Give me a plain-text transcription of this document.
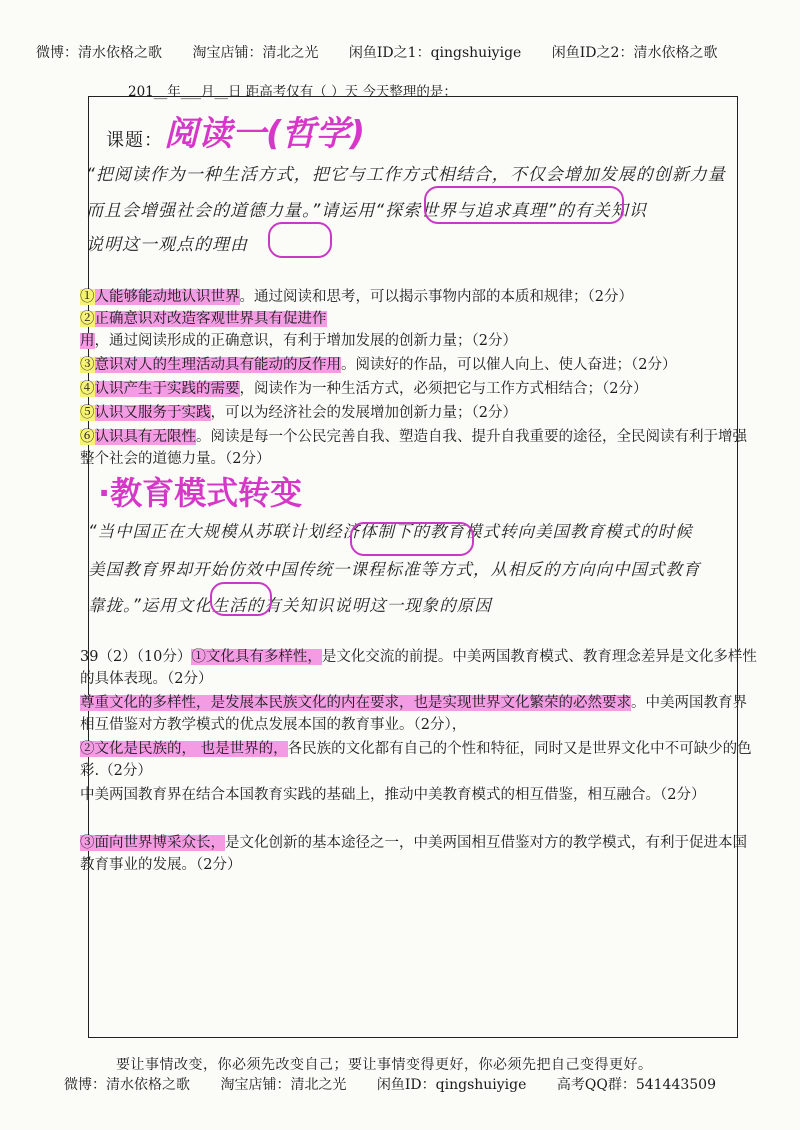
微博：清水依格之歌 淘宝店铺：清北之光 闲鱼ID之1：qingshuiyige 闲鱼ID之2：清水依格之歌
201__年___月__日 距高考仅有（ ）天 今天整理的是：
课题： 阅读一(哲学)
“把阅读作为一种生活方式，把它与工作方式相结合，不仅会增加发展的创新力量
而且会增强社会的道德力量。”请运用“探索世界与追求真理”的有关知识
说明这一观点的理由
①人能够能动地认识世界。通过阅读和思考，可以揭示事物内部的本质和规律；（2分）
②正确意识对改造客观世界具有促进作用，通过阅读形成的正确意识，有利于增加发展的创新力量；（2分）
③意识对人的生理活动具有能动的反作用。阅读好的作品，可以催人向上、使人奋进；（2分）
④认识产生于实践的需要，阅读作为一种生活方式，必须把它与工作方式相结合；（2分）
⑤认识又服务于实践，可以为经济社会的发展增加创新力量；（2分）
⑥认识具有无限性。阅读是每一个公民完善自我、塑造自我、提升自我重要的途径，全民阅读有利于增强整个社会的道德力量。（2分）
·教育模式转变
“当中国正在大规模从苏联计划经济体制下的教育模式转向美国教育模式的时候
美国教育界却开始仿效中国传统一课程标准等方式，从相反的方向向中国式教育
靠拢。”运用文化生活的有关知识说明这一现象的原因
39（2）（10分）①文化具有多样性，是文化交流的前提。中美两国教育模式、教育理念差异是文化多样性的具体表现。（2分）
尊重文化的多样性，是发展本民族文化的内在要求，也是实现世界文化繁荣的必然要求。中美两国教育界相互借鉴对方教学模式的优点发展本国的教育事业。（2分），
②文化是民族的， 也是世界的，各民族的文化都有自己的个性和特征，同时又是世界文化中不可缺少的色彩.（2分）
中美两国教育界在结合本国教育实践的基础上，推动中美教育模式的相互借鉴，相互融合。（2分）
③面向世界博采众长，是文化创新的基本途径之一，中美两国相互借鉴对方的教学模式，有利于促进本国教育事业的发展。（2分）
要让事情改变，你必须先改变自己；要让事情变得更好，你必须先把自己变得更好。
微博：清水依格之歌 淘宝店铺：清北之光 闲鱼ID：qingshuiyige 高考QQ群：541443509
